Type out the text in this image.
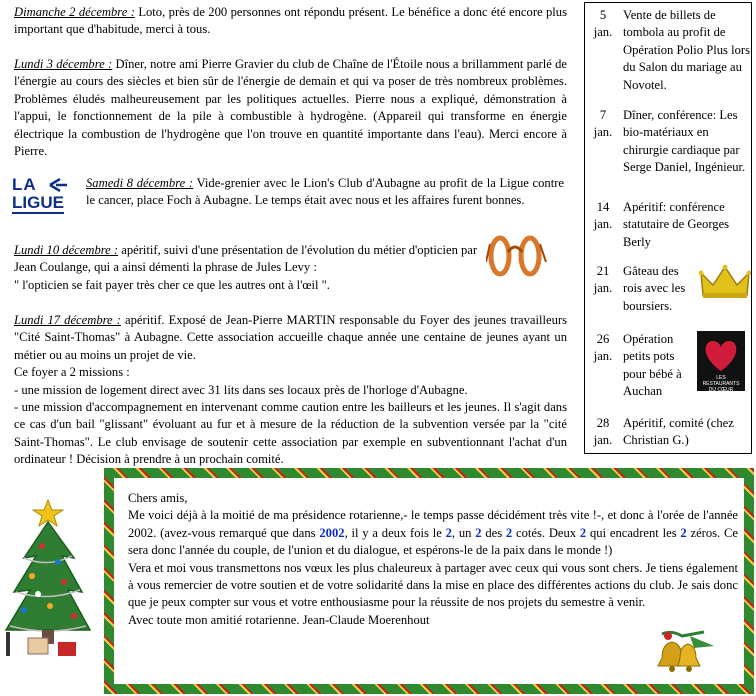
Dimanche 2 décembre : Loto, près de 200 personnes ont répondu présent. Le bénéfice a donc été encore plus important que d'habitude, merci à tous.

Lundi 3 décembre : Dîner, notre ami Pierre Gravier du club de Chaîne de l'Étoile nous a brillamment parlé de l'énergie au cours des siècles et bien sûr de l'énergie de demain et qui va poser de très nombreux problèmes. Problèmes éludés malheureusement par les politiques actuelles. Pierre nous a expliqué, démonstration à l'appui, le fonctionnement de la pile à combustible à hydrogène. (Appareil qui transforme en énergie électrique la combustion de l'hydrogène que l'on trouve en quantité importante dans l'eau). Merci encore à Pierre.

LA
LIGUE

Samedi 8 décembre : Vide-grenier avec le Lion's Club d'Aubagne au profit de la Ligue contre le cancer, place Foch à Aubagne. Le temps était avec nous et les affaires furent bonnes.

Lundi 10 décembre : apéritif, suivi d'une présentation de l'évolution du métier d'opticien par Jean Coulange, qui a ainsi démenti la phrase de Jules Levy :
" l'opticien se fait payer très cher ce que les autres ont à l'œil ".

Lundi 17 décembre : apéritif. Exposé de Jean-Pierre MARTIN responsable du Foyer des jeunes travailleurs "Cité Saint-Thomas" à Aubagne. Cette association accueille chaque année une centaine de jeunes ayant un métier ou au moins un projet de vie.
Ce foyer a 2 missions :
- une mission de logement direct avec 31 lits dans ses locaux près de l'horloge d'Aubagne.
- une mission d'accompagnement en intervenant comme caution entre les bailleurs et les jeunes. Il s'agit dans ce cas d'un bail "glissant" évoluant au fur et à mesure de la réduction de la subvention versée par la "cité Saint-Thomas". Le club envisage de soutenir cette association par exemple en subventionnant l'achat d'un ordinateur ! Décision à prendre à un prochain comité.

5
jan.
Vente de billets de tombola au profit de Opération Polio Plus lors du Salon du mariage au Novotel.
7
jan.
Dîner, conférence: Les bio-matériaux en chirurgie cardiaque par Serge Daniel, Ingénieur.
14
jan.
Apéritif: conférence statutaire de Georges Berly
21
jan.
Gâteau des rois avec les boursiers.
26
jan.
Opération petits pots pour bébé à Auchan
LES RESTAURANTS DU CŒUR
28
jan.
Apéritif, comité (chez Christian G.)

Chers amis,
Me voici déjà à la moitié de ma présidence rotarienne,- le temps passe décidément très vite !-, et donc à l'orée de l'année 2002. (avez-vous remarqué que dans 2002, il y a deux fois le 2, un 2 des 2 cotés. Deux 2 qui encadrent les 2 zéros. Ce sera donc l'année du couple, de l'union et du dialogue, et espérons-le de la paix dans le monde !)
Vera et moi vous transmettons nos vœux les plus chaleureux à partager avec ceux qui vous sont chers. Je tiens également à vous remercier de votre soutien et de votre solidarité dans la mise en place des différentes actions du club. Je sais donc que je peux compter sur vous et votre enthousiasme pour la réussite de nos projets du semestre à venir.
Avec toute mon amitié rotarienne. Jean-Claude Moerenhout
